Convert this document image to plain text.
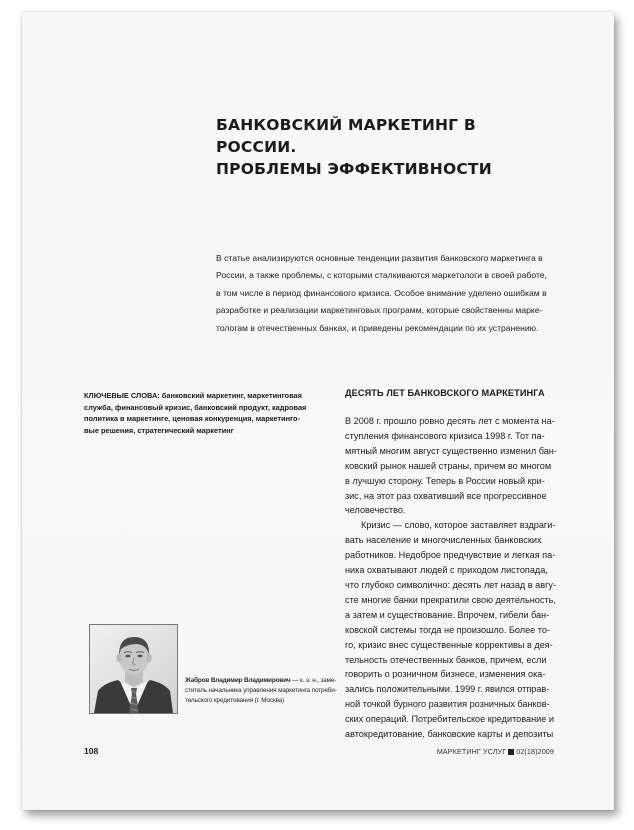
БАНКОВСКИЙ МАРКЕТИНГ В РОССИИ.
ПРОБЛЕМЫ ЭФФЕКТИВНОСТИ
В статье анализируются основные тенденции развития банковского маркетинга в
России, а также проблемы, с которыми сталкиваются маркетологи в своей работе,
в том числе в период финансового кризиса. Особое внимание уделено ошибкам в
разработке и реализации маркетинговых программ, которые свойственны марке-
тологам в отечественных банках, и приведены рекомендации по их устранению.
КЛЮЧЕВЫЕ СЛОВА: банковский маркетинг, маркетинговая
служба, финансовый кризис, банковский продукт, кадровая
политика в маркетинге, ценовая конкуренция, маркетинго-
вые решения, стратегический маркетинг
ДЕСЯТЬ ЛЕТ БАНКОВСКОГО МАРКЕТИНГА
В 2008 г. прошло ровно десять лет с момента на-
ступления финансового кризиса 1998 г. Тот па-
мятный многим август существенно изменил бан-
ковский рынок нашей страны, причем во многом
в лучшую сторону. Теперь в России новый кри-
зис, на этот раз охвативший все прогрессивное
человечество.
Кризис — слово, которое заставляет вздраги-
вать население и многочисленных банковских
работников. Недоброе предчувствие и легкая па-
ника охватывают людей с приходом листопада,
что глубоко символично: десять лет назад в авгу-
сте многие банки прекратили свою деятельность,
а затем и существование. Впрочем, гибели бан-
ковской системы тогда не произошло. Более то-
го, кризис внес существенные коррективы в дея-
тельность отечественных банков, причем, если
говорить о розничном бизнесе, изменения ока-
зались положительными. 1999 г. явился отправ-
ной точкой бурного развития розничных банков-
ских операций. Потребительское кредитование и
автокредитование, банковские карты и депозиты
Жабров Владимир Владимирович — к. э. н., заме-
ститель начальника управления маркетинга потреби-
тельского кредитования (г. Москва)
108	МАРКЕТИНГ УСЛУГ 02(18)2009
